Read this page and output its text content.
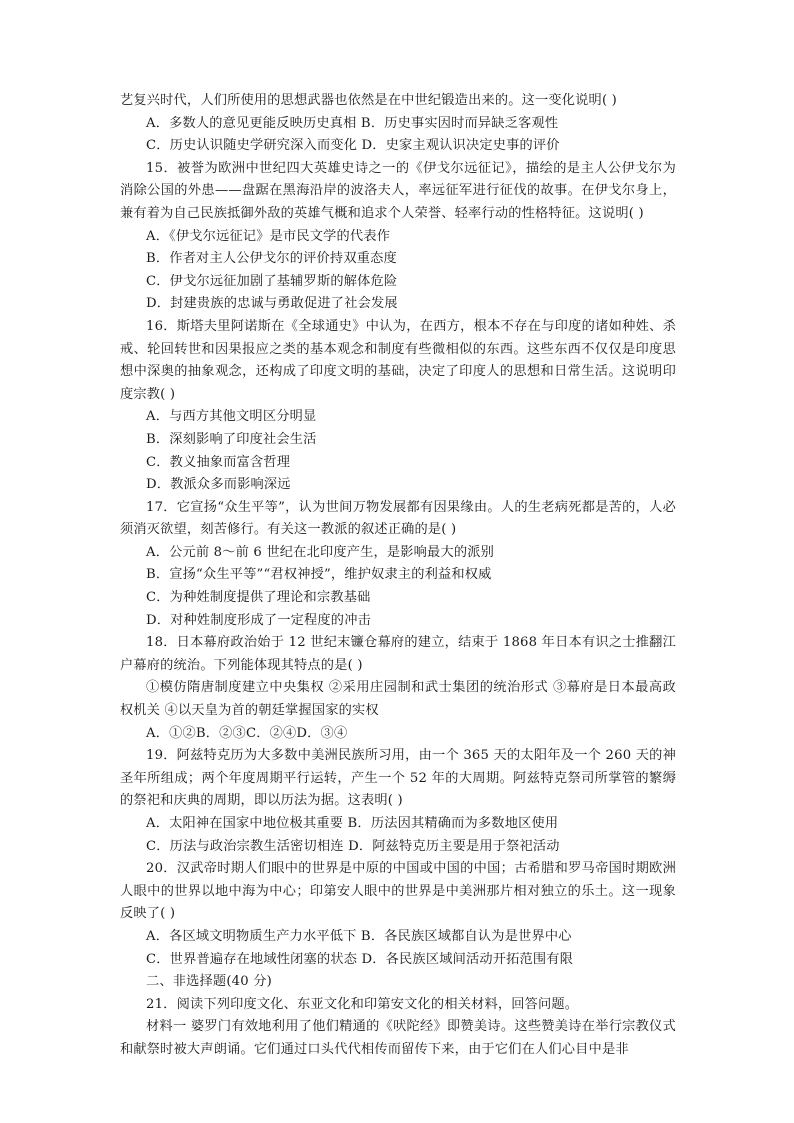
艺复兴时代，人们所使用的思想武器也依然是在中世纪锻造出来的。这一变化说明( )

A．多数人的意见更能反映历史真相 B．历史事实因时而异缺乏客观性

C．历史认识随史学研究深入而变化 D．史家主观认识决定史事的评价

15．被誉为欧洲中世纪四大英雄史诗之一的《伊戈尔远征记》，描绘的是主人公伊戈尔为消除公国的外患——盘踞在黑海沿岸的波洛夫人，率远征军进行征伐的故事。在伊戈尔身上，兼有着为自己民族抵御外敌的英雄气概和追求个人荣誉、轻率行动的性格特征。这说明( )

A．《伊戈尔远征记》是市民文学的代表作

B．作者对主人公伊戈尔的评价持双重态度

C．伊戈尔远征加剧了基辅罗斯的解体危险

D．封建贵族的忠诚与勇敢促进了社会发展

16．斯塔夫里阿诺斯在《全球通史》中认为，在西方，根本不存在与印度的诸如种姓、杀戒、轮回转世和因果报应之类的基本观念和制度有些微相似的东西。这些东西不仅仅是印度思想中深奥的抽象观念，还构成了印度文明的基础，决定了印度人的思想和日常生活。这说明印度宗教( )

A．与西方其他文明区分明显

B．深刻影响了印度社会生活

C．教义抽象而富含哲理

D．教派众多而影响深远

17．它宣扬“众生平等”，认为世间万物发展都有因果缘由。人的生老病死都是苦的，人必须消灭欲望，刻苦修行。有关这一教派的叙述正确的是( )

A．公元前 8～前 6 世纪在北印度产生，是影响最大的派别

B．宣扬“众生平等”“君权神授”，维护奴隶主的利益和权威

C．为种姓制度提供了理论和宗教基础

D．对种姓制度形成了一定程度的冲击

18．日本幕府政治始于 12 世纪末镰仓幕府的建立，结束于 1868 年日本有识之士推翻江户幕府的统治。下列能体现其特点的是( )

①模仿隋唐制度建立中央集权 ②采用庄园制和武士集团的统治形式 ③幕府是日本最高政权机关 ④以天皇为首的朝廷掌握国家的实权

A．①②B．②③C．②④D．③④

19．阿兹特克历为大多数中美洲民族所习用，由一个 365 天的太阳年及一个 260 天的神圣年所组成；两个年度周期平行运转，产生一个 52 年的大周期。阿兹特克祭司所掌管的繁缛的祭祀和庆典的周期，即以历法为据。这表明( )

A．太阳神在国家中地位极其重要 B．历法因其精确而为多数地区使用

C．历法与政治宗教生活密切相连 D．阿兹特克历主要是用于祭祀活动

20．汉武帝时期人们眼中的世界是中原的中国或中国的中国；古希腊和罗马帝国时期欧洲人眼中的世界以地中海为中心；印第安人眼中的世界是中美洲那片相对独立的乐土。这一现象反映了( )

A．各区域文明物质生产力水平低下 B．各民族区域都自认为是世界中心

C．世界普遍存在地域性闭塞的状态 D．各民族区域间活动开拓范围有限

二、非选择题(40 分)

21．阅读下列印度文化、东亚文化和印第安文化的相关材料，回答问题。

材料一 婆罗门有效地利用了他们精通的《吠陀经》即赞美诗。这些赞美诗在举行宗教仪式和献祭时被大声朗诵。它们通过口头代代相传而留传下来，由于它们在人们心目中是非
